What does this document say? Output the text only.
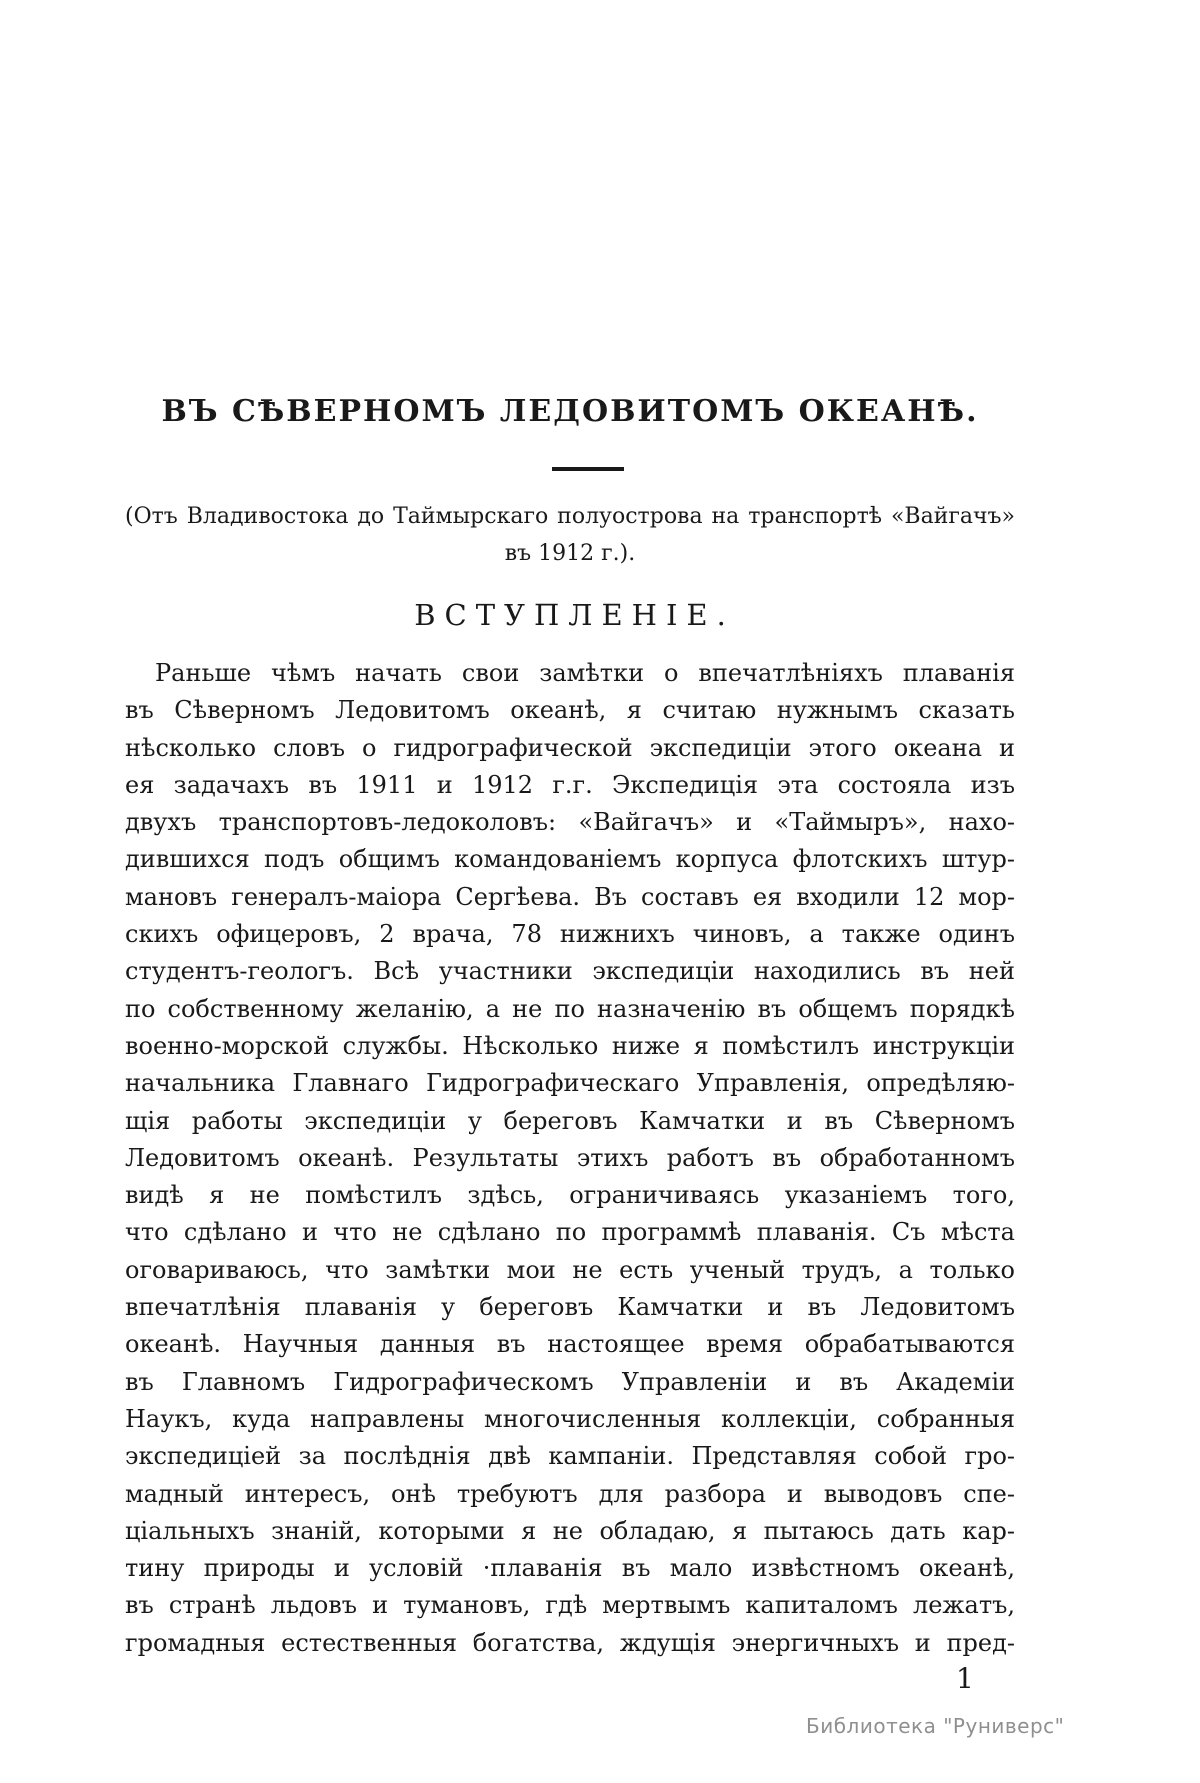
ВЪ СѢВЕРНОМЪ ЛЕДОВИТОМЪ ОКЕАНѢ.
(Отъ Владивостока до Таймырскаго полуострова на транспортѣ «Вайгачъ»
въ 1912 г.).
ВСТУПЛЕНІЕ.
Раньше чѣмъ начать свои замѣтки о впечатлѣніяхъ плаванія
въ Сѣверномъ Ледовитомъ океанѣ, я считаю нужнымъ сказать
нѣсколько словъ о гидрографической экспедиціи этого океана и
ея задачахъ въ 1911 и 1912 г.г. Экспедиція эта состояла изъ
двухъ транспортовъ-ледоколовъ: «Вайгачъ» и «Таймыръ», нахо-
дившихся подъ общимъ командованіемъ корпуса флотскихъ штур-
мановъ генералъ-маіора Сергѣева. Въ составъ ея входили 12 мор-
скихъ офицеровъ, 2 врача, 78 нижнихъ чиновъ, а также одинъ
студентъ-геологъ. Всѣ участники экспедиціи находились въ ней
по собственному желанію, а не по назначенію въ общемъ порядкѣ
военно-морской службы. Нѣсколько ниже я помѣстилъ инструкціи
начальника Главнаго Гидрографическаго Управленія, опредѣляю-
щія работы экспедиціи у береговъ Камчатки и въ Сѣверномъ
Ледовитомъ океанѣ. Результаты этихъ работъ въ обработанномъ
видѣ я не помѣстилъ здѣсь, ограничиваясь указаніемъ того,
что сдѣлано и что не сдѣлано по программѣ плаванія. Съ мѣста
оговариваюсь, что замѣтки мои не есть ученый трудъ, а только
впечатлѣнія плаванія у береговъ Камчатки и въ Ледовитомъ
океанѣ. Научныя данныя въ настоящее время обрабатываются
въ Главномъ Гидрографическомъ Управленіи и въ Академіи
Наукъ, куда направлены многочисленныя коллекціи, собранныя
экспедиціей за послѣднія двѣ кампаніи. Представляя собой гро-
мадный интересъ, онѣ требуютъ для разбора и выводовъ спе-
ціальныхъ знаній, которыми я не обладаю, я пытаюсь дать кар-
тину природы и условій ·плаванія въ мало извѣстномъ океанѣ,
въ странѣ льдовъ и тумановъ, гдѣ мертвымъ капиталомъ лежатъ,
громадныя естественныя богатства, ждущія энергичныхъ и пред-
1
Библиотека "Руниверс"
